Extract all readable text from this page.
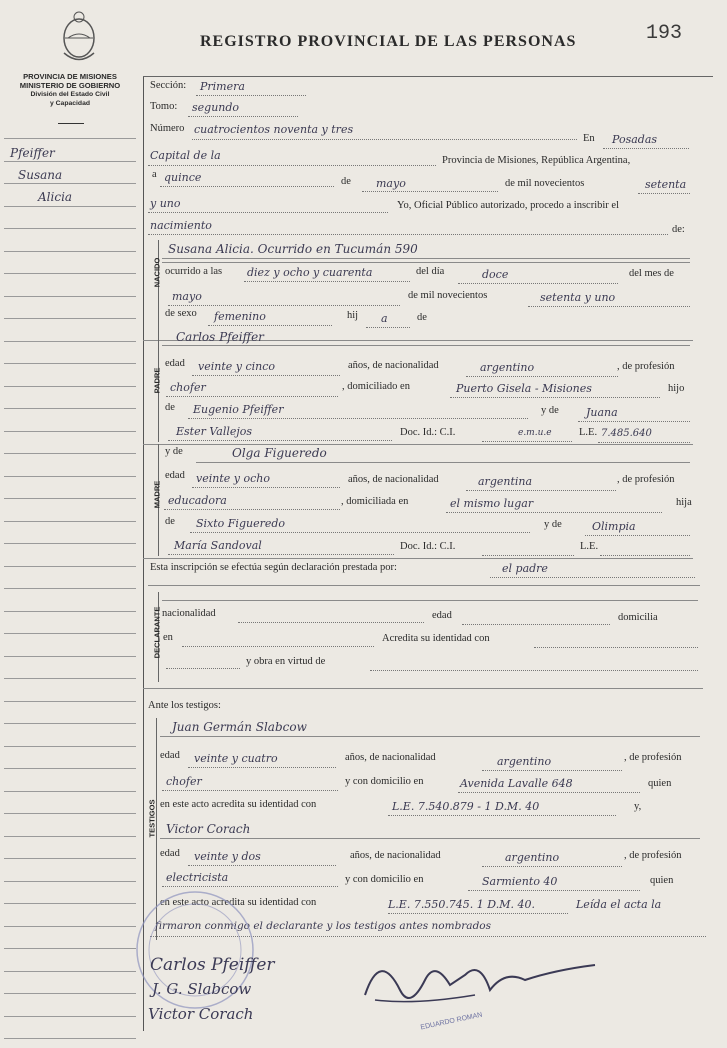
REGISTRO PROVINCIAL DE LAS PERSONAS	193
PROVINCIA DE MISIONES
MINISTERIO DE GOBIERNO
División del Estado Civil
y Capacidad
Pfeiffer
Susana
Alicia
Sección: Primera
Tomo: segundo
Número cuatrocientos noventa y tres
En Posadas
Capital de la	Provincia de Misiones, República Argentina,
a quince	de mayo	de mil novecientos	setenta
y uno	Yo, Oficial Público autorizado, procedo a inscribir el
nacimiento	de:
NACIDO
Susana Alicia. Ocurrido en Tucumán 590
ocurrido a las diez y ocho y cuarenta	del día	doce	del mes de
mayo	de mil novecientos	setenta y uno
de sexo femenino	hij a	de
PADRE
Carlos Pfeiffer
edad veinte y cinco	años, de nacionalidad	argentino	, de profesión
chofer	, domiciliado en	Puerto Gisela - Misiones	hijo
de Eugenio Pfeiffer	y de Juana
Ester Vallejos	Doc. Id.: C.I.	e.m.u.e	L.E. 7.485.640
MADRE
y de	Olga Figueredo
edad veinte y ocho	años, de nacionalidad	argentina	, de profesión
educadora	, domiciliada en	el mismo lugar	hija
de Sixto Figueredo	y de	Olimpia
María Sandoval	Doc. Id.: C.I.	L.E.
Esta inscripción se efectúa según declaración prestada por:	el padre
DECLARANTE nacionalidad	edad	domicilia
en	Acredita su identidad con
y obra en virtud de
Ante los testigos:
TESTIGOS
Juan Germán Slabcow
edad veinte y cuatro	años, de nacionalidad	argentino	, de profesión
chofer	y con domicilio en	Avenida Lavalle 648	quien
en este acto acredita su identidad con	L.E. 7.540.879 - 1 D.M. 40	y,
Victor Corach
edad veinte y dos	años, de nacionalidad	argentino	, de profesión
electricista	y con domicilio en	Sarmiento 40	quien
en este acto acredita su identidad con	L.E. 7.550.745. 1 D.M. 40.	Leída el acta la
firmaron conmigo el declarante y los testigos antes nombrados
Carlos Pfeiffer
J. G. Slabcow
Victor Corach	EDUARDO ROMAN
